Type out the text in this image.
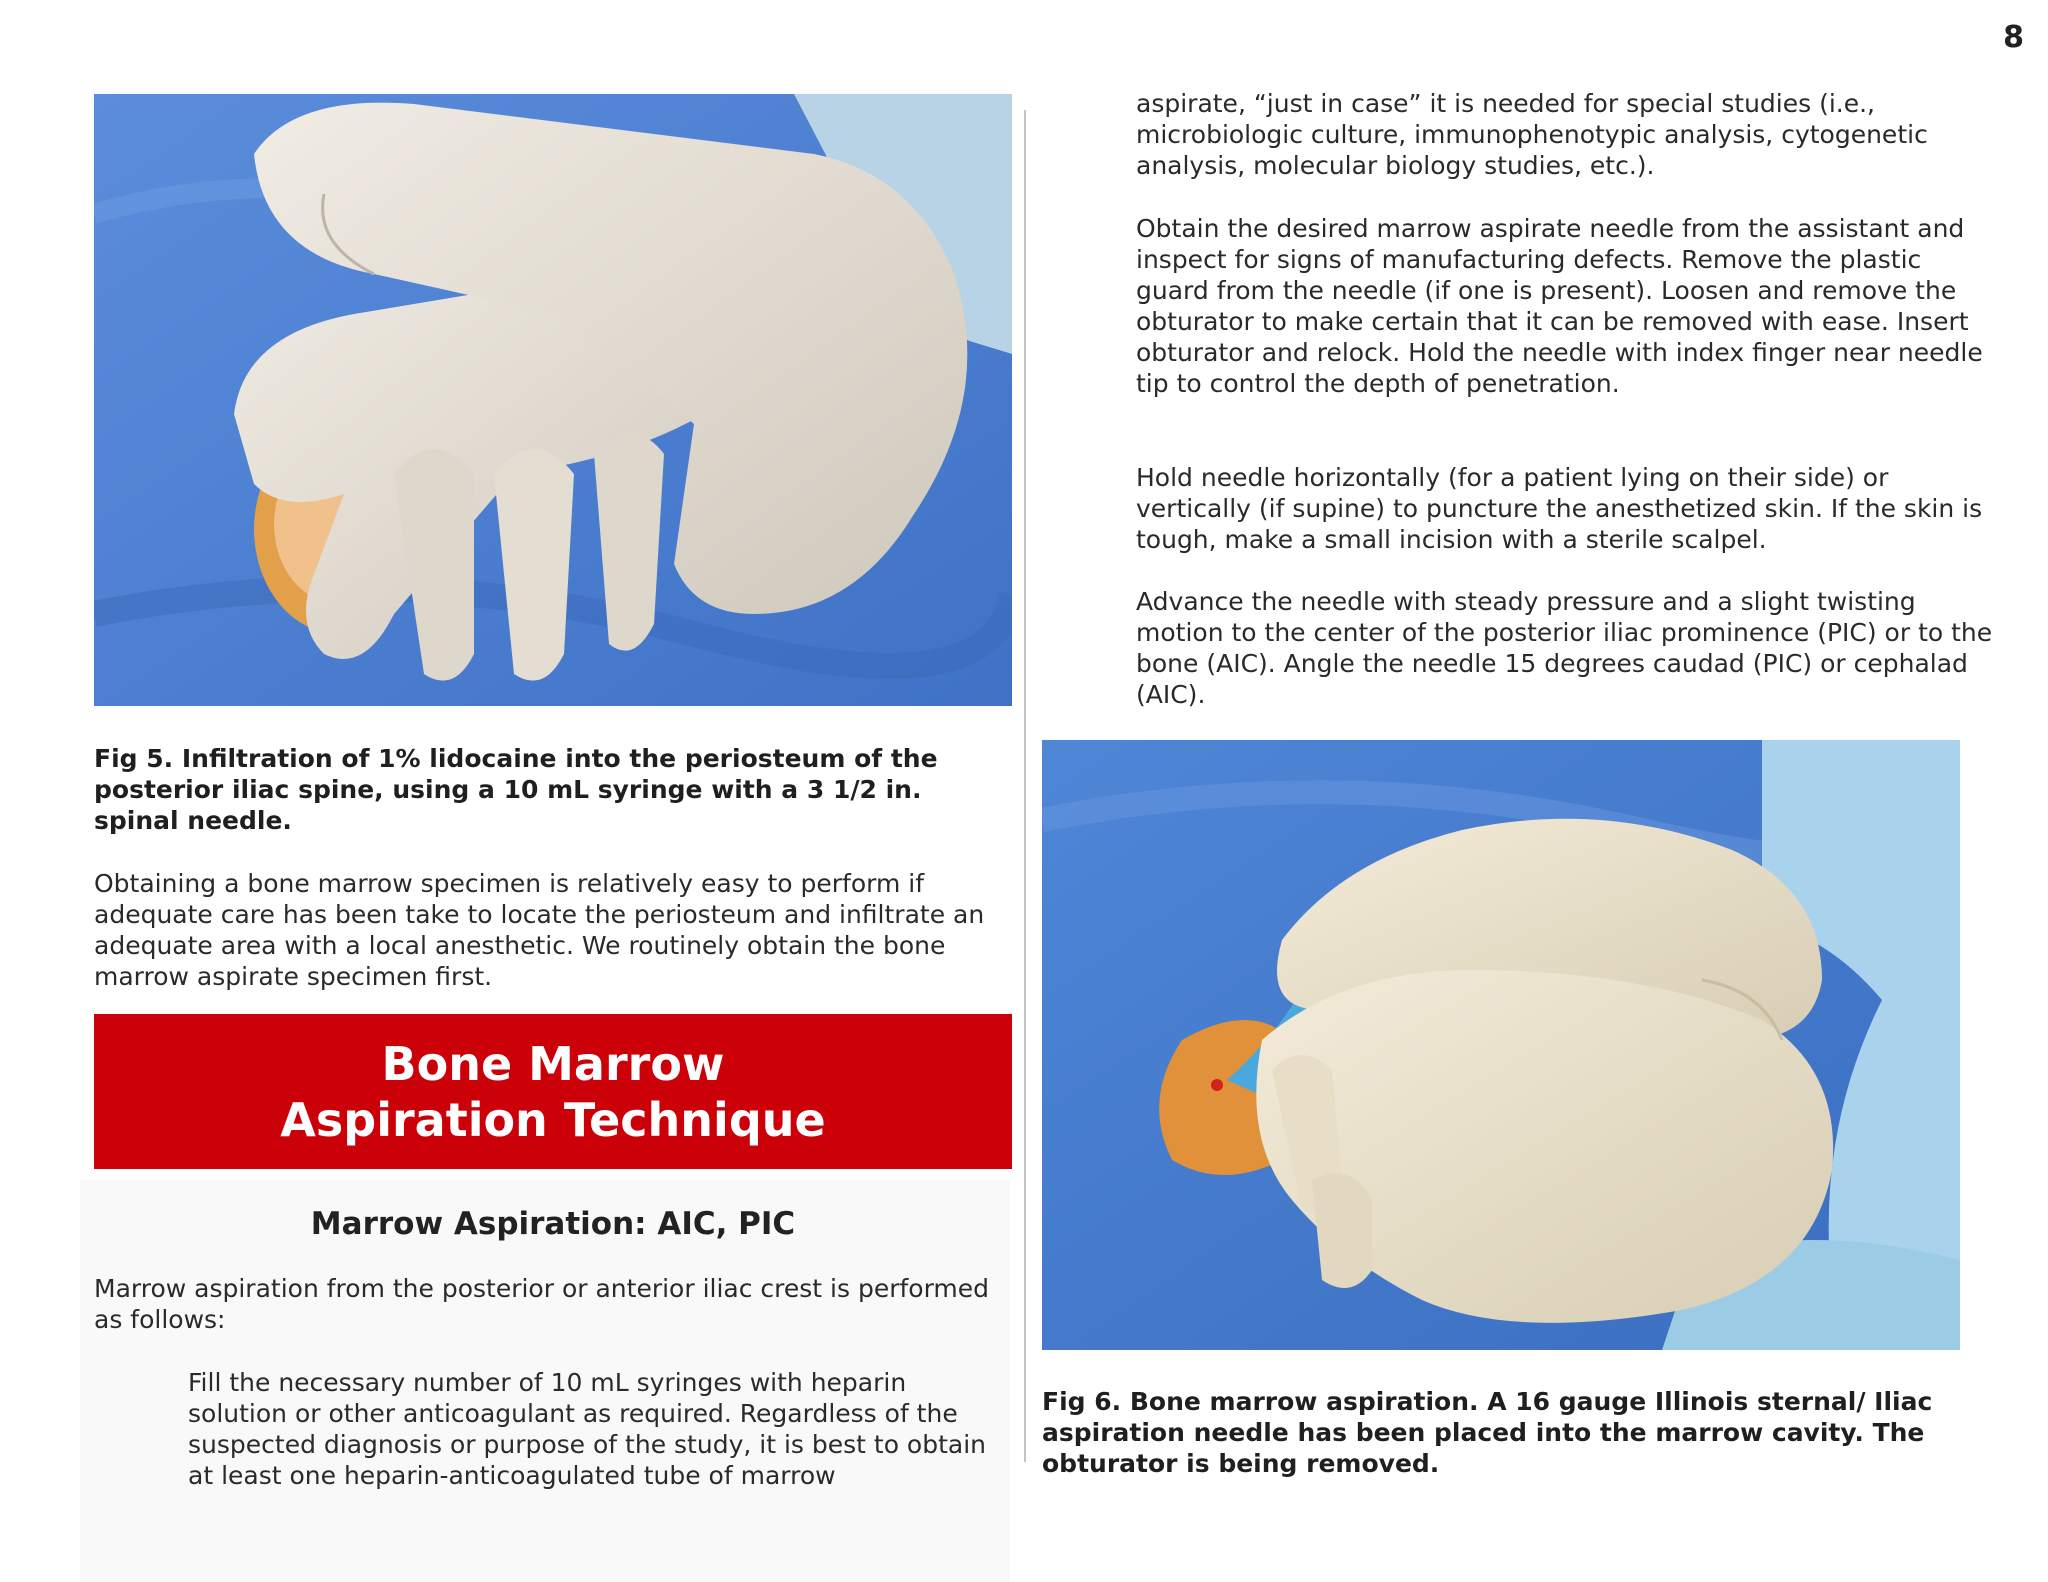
8

Fig 5. Infiltration of 1% lidocaine into the periosteum of the posterior iliac spine, using a 10 mL syringe with a 3 1/2 in. spinal needle.

Obtaining a bone marrow specimen is relatively easy to perform if adequate care has been take to locate the periosteum and infiltrate an adequate area with a local anesthetic. We routinely obtain the bone marrow aspirate specimen first.

Bone Marrow
Aspiration Technique
Marrow Aspiration: AIC, PIC

Marrow aspiration from the posterior or anterior iliac crest is performed as follows:

Fill the necessary number of 10 mL syringes with heparin solution or other anticoagulant as required. Regardless of the suspected diagnosis or purpose of the study, it is best to obtain at least one heparin-anticoagulated tube of marrow

aspirate, “just in case” it is needed for special studies (i.e., microbiologic culture, immunophenotypic analysis, cytogenetic analysis, molecular biology studies, etc.).

Obtain the desired marrow aspirate needle from the assistant and inspect for signs of manufacturing defects. Remove the plastic guard from the needle (if one is present). Loosen and remove the obturator to make certain that it can be removed with ease. Insert obturator and relock. Hold the needle with index finger near needle tip to control the depth of penetration.

Hold needle horizontally (for a patient lying on their side) or vertically (if supine) to puncture the anesthetized skin. If the skin is tough, make a small incision with a sterile scalpel.

Advance the needle with steady pressure and a slight twisting motion to the center of the posterior iliac prominence (PIC) or to the bone (AIC). Angle the needle 15 degrees caudad (PIC) or cephalad (AIC).

Fig 6. Bone marrow aspiration. A 16 gauge Illinois sternal/ Iliac aspiration needle has been placed into the marrow cavity. The obturator is being removed.
